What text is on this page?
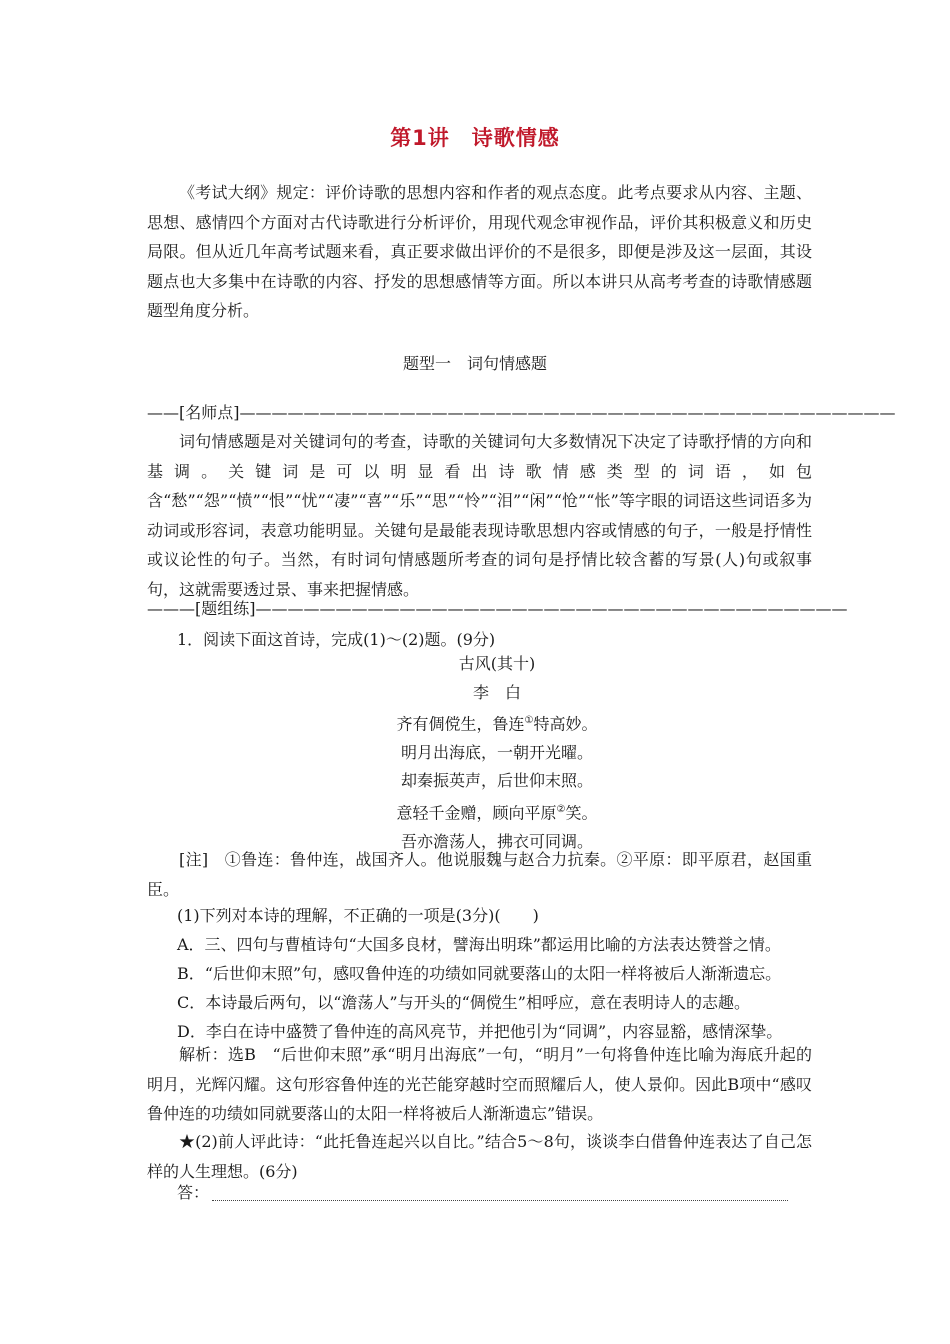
第1讲　诗歌情感

《考试大纲》规定：评价诗歌的思想内容和作者的观点态度。此考点要求从内容、主题、思想、感情四个方面对古代诗歌进行分析评价，用现代观念审视作品，评价其积极意义和历史局限。但从近几年高考试题来看，真正要求做出评价的不是很多，即便是涉及这一层面，其设题点也大多集中在诗歌的内容、抒发的思想感情等方面。所以本讲只从高考考查的诗歌情感题题型角度分析。

题型一　词句情感题

——[名师点]—————————————————————————————————————————

词句情感题是对关键词句的考查，诗歌的关键词句大多数情况下决定了诗歌抒情的方向和基调。关键词是可以明显看出诗歌情感类型的词语，如包含“愁”“怨”“愤”“恨”“忧”“凄”“喜”“乐”“思”“怜”“泪”“闲”“怆”“怅”等字眼的词语这些词语多为动词或形容词，表意功能明显。关键句是最能表现诗歌思想内容或情感的句子，一般是抒情性或议论性的句子。当然，有时词句情感题所考查的词句是抒情比较含蓄的写景(人)句或叙事句，这就需要透过景、事来把握情感。

———[题组练]—————————————————————————————————————

1．阅读下面这首诗，完成(1)～(2)题。(9分)

古风(其十)
李　白
齐有倜傥生，鲁连①特高妙。
明月出海底，一朝开光曜。
却秦振英声，后世仰末照。
意轻千金赠，顾向平原②笑。
吾亦澹荡人，拂衣可同调。

[注]　①鲁连：鲁仲连，战国齐人。他说服魏与赵合力抗秦。②平原：即平原君，赵国重臣。

(1)下列对本诗的理解，不正确的一项是(3分)(　　)

A．三、四句与曹植诗句“大国多良材，譬海出明珠”都运用比喻的方法表达赞誉之情。

B．“后世仰末照”句，感叹鲁仲连的功绩如同就要落山的太阳一样将被后人渐渐遗忘。

C．本诗最后两句，以“澹荡人”与开头的“倜傥生”相呼应，意在表明诗人的志趣。

D．李白在诗中盛赞了鲁仲连的高风亮节，并把他引为“同调”，内容显豁，感情深挚。

解析：选B　“后世仰末照”承“明月出海底”一句，“明月”一句将鲁仲连比喻为海底升起的明月，光辉闪耀。这句形容鲁仲连的光芒能穿越时空而照耀后人，使人景仰。因此B项中“感叹鲁仲连的功绩如同就要落山的太阳一样将被后人渐渐遗忘”错误。

★(2)前人评此诗：“此托鲁连起兴以自比。”结合5～8句，谈谈李白借鲁仲连表达了自己怎样的人生理想。(6分)

答：
